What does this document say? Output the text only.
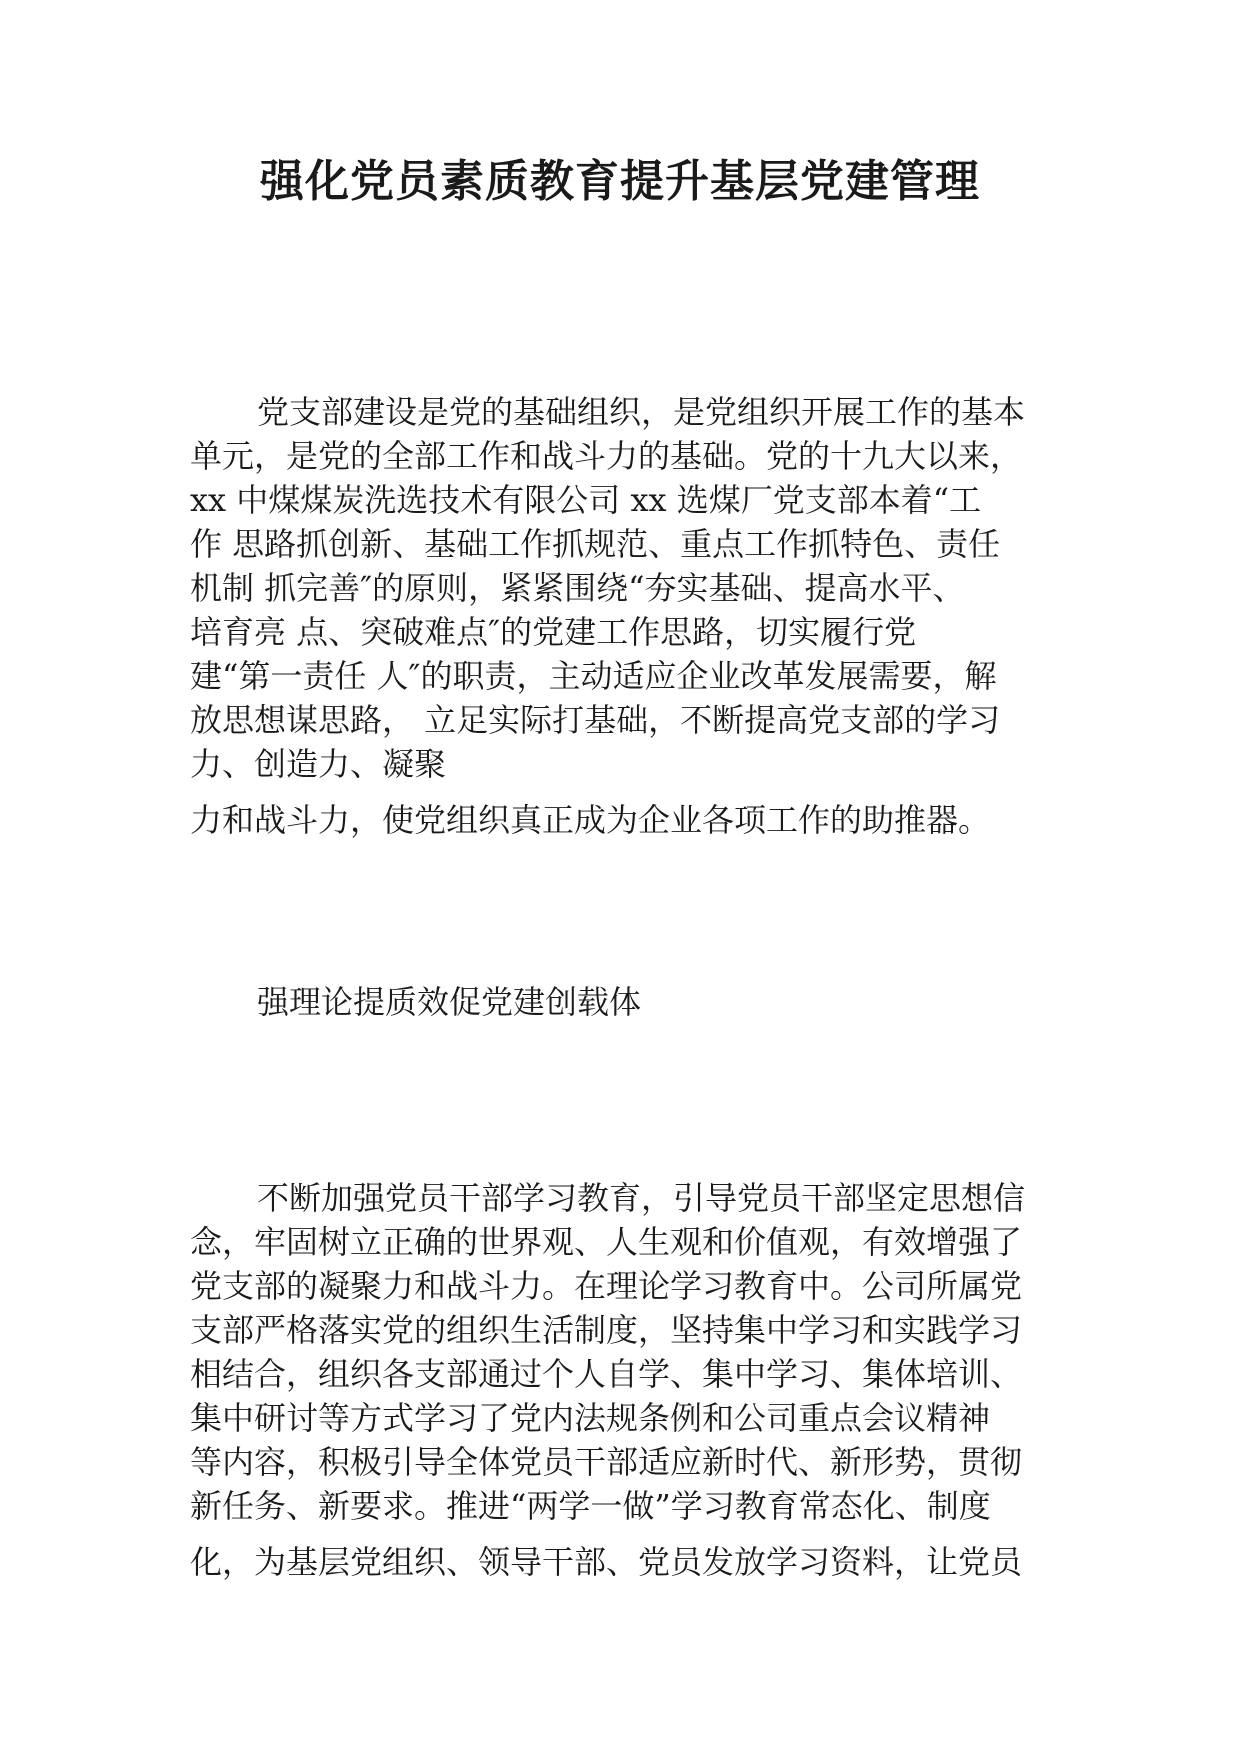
强化党员素质教育提升基层党建管理
党支部建设是党的基础组织，是党组织开展工作的基本
单元，是党的全部工作和战斗力的基础。党的十九大以来，
xx 中煤煤炭洗选技术有限公司 xx 选煤厂党支部本着“工
作 思路抓创新、基础工作抓规范、重点工作抓特色、责任
机制 抓完善″的原则，紧紧围绕“夯实基础、提高水平、
培育亮 点、突破难点″的党建工作思路，切实履行党
建“第一责任 人″的职责，主动适应企业改革发展需要，解
放思想谋思路， 立足实际打基础，不断提高党支部的学习
力、创造力、凝聚
力和战斗力，使党组织真正成为企业各项工作的助推器。
强理论提质效促党建创载体
不断加强党员干部学习教育，引导党员干部坚定思想信
念，牢固树立正确的世界观、人生观和价值观，有效增强了
党支部的凝聚力和战斗力。在理论学习教育中。公司所属党
支部严格落实党的组织生活制度，坚持集中学习和实践学习
相结合，组织各支部通过个人自学、集中学习、集体培训、
集中研讨等方式学习了党内法规条例和公司重点会议精神
等内容，积极引导全体党员干部适应新时代、新形势，贯彻
新任务、新要求。推进“两学一做”学习教育常态化、制度
化，为基层党组织、领导干部、党员发放学习资料，让党员
